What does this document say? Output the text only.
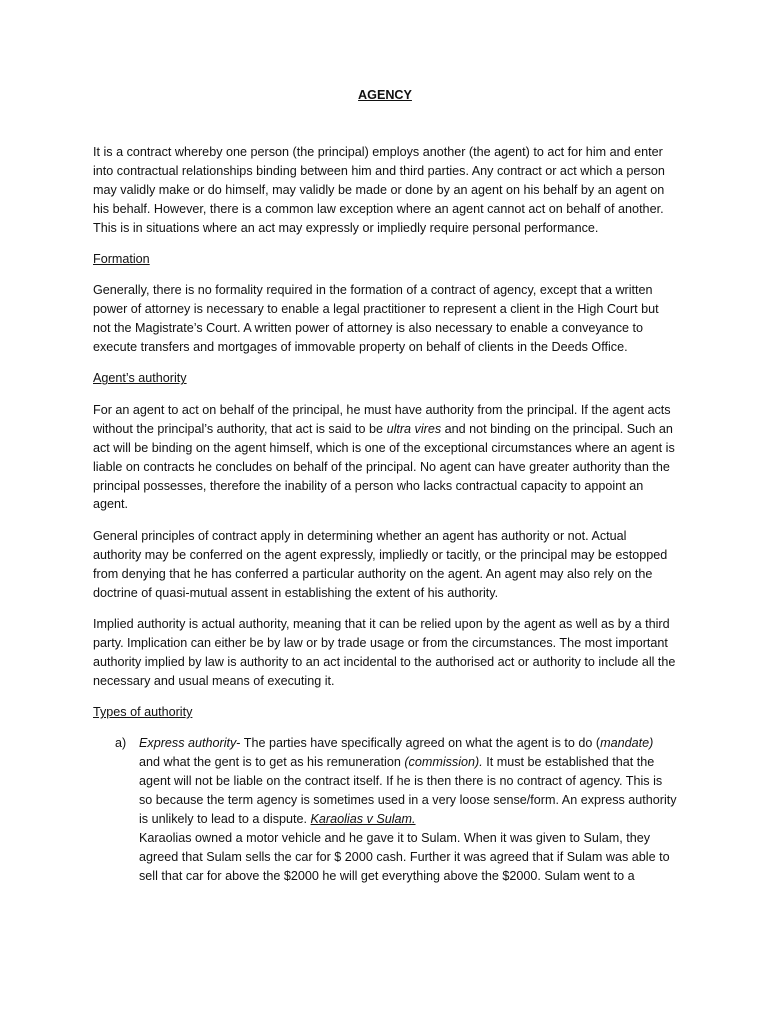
AGENCY

It is a contract whereby one person (the principal) employs another (the agent) to act for him and enter into contractual relationships binding between him and third parties. Any contract or act which a person may validly make or do himself, may validly be made or done by an agent on his behalf by an agent on his behalf. However, there is a common law exception where an agent cannot act on behalf of another. This is in situations where an act may expressly or impliedly require personal performance.

Formation

Generally, there is no formality required in the formation of a contract of agency, except that a written power of attorney is necessary to enable a legal practitioner to represent a client in the High Court but not the Magistrate’s Court. A written power of attorney is also necessary to enable a conveyance to execute transfers and mortgages of immovable property on behalf of clients in the Deeds Office.

Agent’s authority

For an agent to act on behalf of the principal, he must have authority from the principal. If the agent acts without the principal’s authority, that act is said to be ultra vires and not binding on the principal. Such an act will be binding on the agent himself, which is one of the exceptional circumstances where an agent is liable on contracts he concludes on behalf of the principal. No agent can have greater authority than the principal possesses, therefore the inability of a person who lacks contractual capacity to appoint an agent.

General principles of contract apply in determining whether an agent has authority or not. Actual authority may be conferred on the agent expressly, impliedly or tacitly, or the principal may be estopped from denying that he has conferred a particular authority on the agent. An agent may also rely on the doctrine of quasi-mutual assent in establishing the extent of his authority.

Implied authority is actual authority, meaning that it can be relied upon by the agent as well as by a third party. Implication can either be by law or by trade usage or from the circumstances. The most important authority implied by law is authority to an act incidental to the authorised act or authority to include all the necessary and usual means of executing it.

Types of authority
a) Express authority- The parties have specifically agreed on what the agent is to do (mandate) and what the gent is to get as his remuneration (commission). It must be established that the agent will not be liable on the contract itself. If he is then there is no contract of agency. This is so because the term agency is sometimes used in a very loose sense/form. An express authority is unlikely to lead to a dispute. Karaolias v Sulam.
Karaolias owned a motor vehicle and he gave it to Sulam. When it was given to Sulam, they agreed that Sulam sells the car for $ 2000 cash. Further it was agreed that if Sulam was able to sell that car for above the $2000 he will get everything above the $2000. Sulam went to a
